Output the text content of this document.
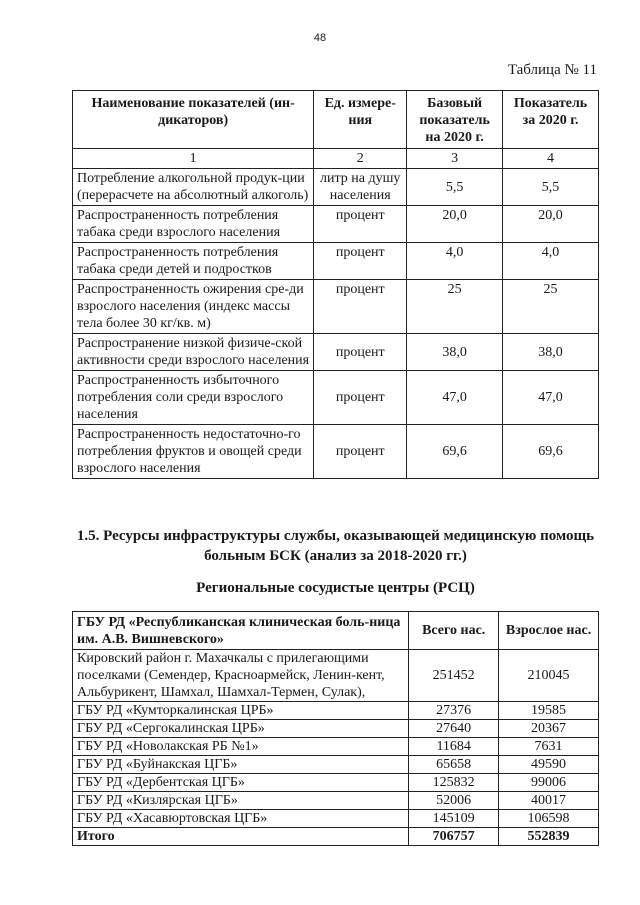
48
Таблица № 11
Наименование показателей (ин-дикаторов)	Ед. измере-ния	Базовый показатель на 2020 г.	Показатель за 2020 г.
1	2	3	4
Потребление алкогольной продук-ции (перерасчете на абсолютный алкоголь)	литр на душу населения	5,5	5,5
Распространенность потребления табака среди взрослого населения	процент	20,0	20,0
Распространенность потребления табака среди детей и подростков	процент	4,0	4,0
Распространенность ожирения сре-ди взрослого населения (индекс массы тела более 30 кг/кв. м)	процент	25	25
Распространение низкой физиче-ской активности среди взрослого населения	процент	38,0	38,0
Распространенность избыточного потребления соли среди взрослого населения	процент	47,0	47,0
Распространенность недостаточно-го потребления фруктов и овощей среди взрослого населения	процент	69,6	69,6
1.5. Ресурсы инфраструктуры службы, оказывающей медицинскую помощь больным БСК (анализ за 2018-2020 гг.)
Региональные сосудистые центры (РСЦ)
ГБУ РД «Республиканская клиническая боль-ница им. А.В. Вишневского»	Всего нас.	Взрослое нас.
Кировский район г. Махачкалы с прилегающими поселками (Семендер, Красноармейск, Ленин-кент, Альбурикент, Шамхал, Шамхал-Термен, Сулак),	251452	210045
ГБУ РД «Кумторкалинская ЦРБ»	27376	19585
ГБУ РД «Сергокалинская ЦРБ»	27640	20367
ГБУ РД «Новолакская РБ №1»	11684	7631
ГБУ РД «Буйнакская ЦГБ»	65658	49590
ГБУ РД «Дербентская ЦГБ»	125832	99006
ГБУ РД «Кизлярская ЦГБ»	52006	40017
ГБУ РД «Хасавюртовская ЦГБ»	145109	106598
Итого	706757	552839
